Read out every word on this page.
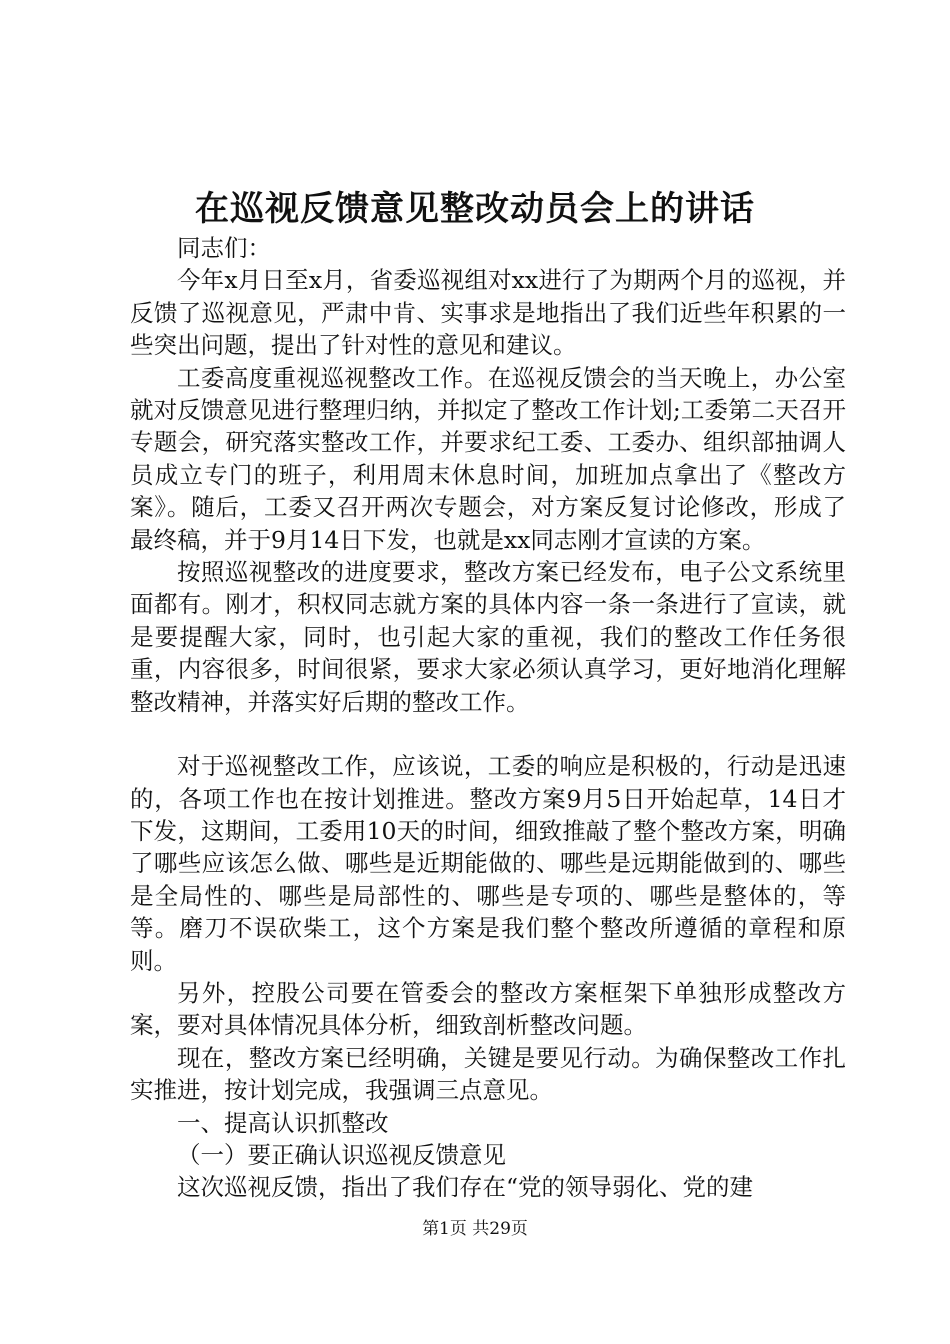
在巡视反馈意见整改动员会上的讲话

同志们：

今年x月日至x月，省委巡视组对xx进行了为期两个月的巡视，并反馈了巡视意见，严肃中肯、实事求是地指出了我们近些年积累的一些突出问题，提出了针对性的意见和建议。

工委高度重视巡视整改工作。在巡视反馈会的当天晚上，办公室就对反馈意见进行整理归纳，并拟定了整改工作计划;工委第二天召开专题会，研究落实整改工作，并要求纪工委、工委办、组织部抽调人员成立专门的班子，利用周末休息时间，加班加点拿出了《整改方案》。随后，工委又召开两次专题会，对方案反复讨论修改，形成了最终稿，并于9月14日下发，也就是xx同志刚才宣读的方案。

按照巡视整改的进度要求，整改方案已经发布，电子公文系统里面都有。刚才，积权同志就方案的具体内容一条一条进行了宣读，就是要提醒大家，同时，也引起大家的重视，我们的整改工作任务很重，内容很多，时间很紧，要求大家必须认真学习，更好地消化理解整改精神，并落实好后期的整改工作。

对于巡视整改工作，应该说，工委的响应是积极的，行动是迅速的，各项工作也在按计划推进。整改方案9月5日开始起草，14日才下发，这期间，工委用10天的时间，细致推敲了整个整改方案，明确了哪些应该怎么做、哪些是近期能做的、哪些是远期能做到的、哪些是全局性的、哪些是局部性的、哪些是专项的、哪些是整体的，等等。磨刀不误砍柴工，这个方案是我们整个整改所遵循的章程和原则。

另外，控股公司要在管委会的整改方案框架下单独形成整改方案，要对具体情况具体分析，细致剖析整改问题。

现在，整改方案已经明确，关键是要见行动。为确保整改工作扎实推进，按计划完成，我强调三点意见。

一、提高认识抓整改

（一）要正确认识巡视反馈意见

这次巡视反馈，指出了我们存在“党的领导弱化、党的建

第1页 共29页
